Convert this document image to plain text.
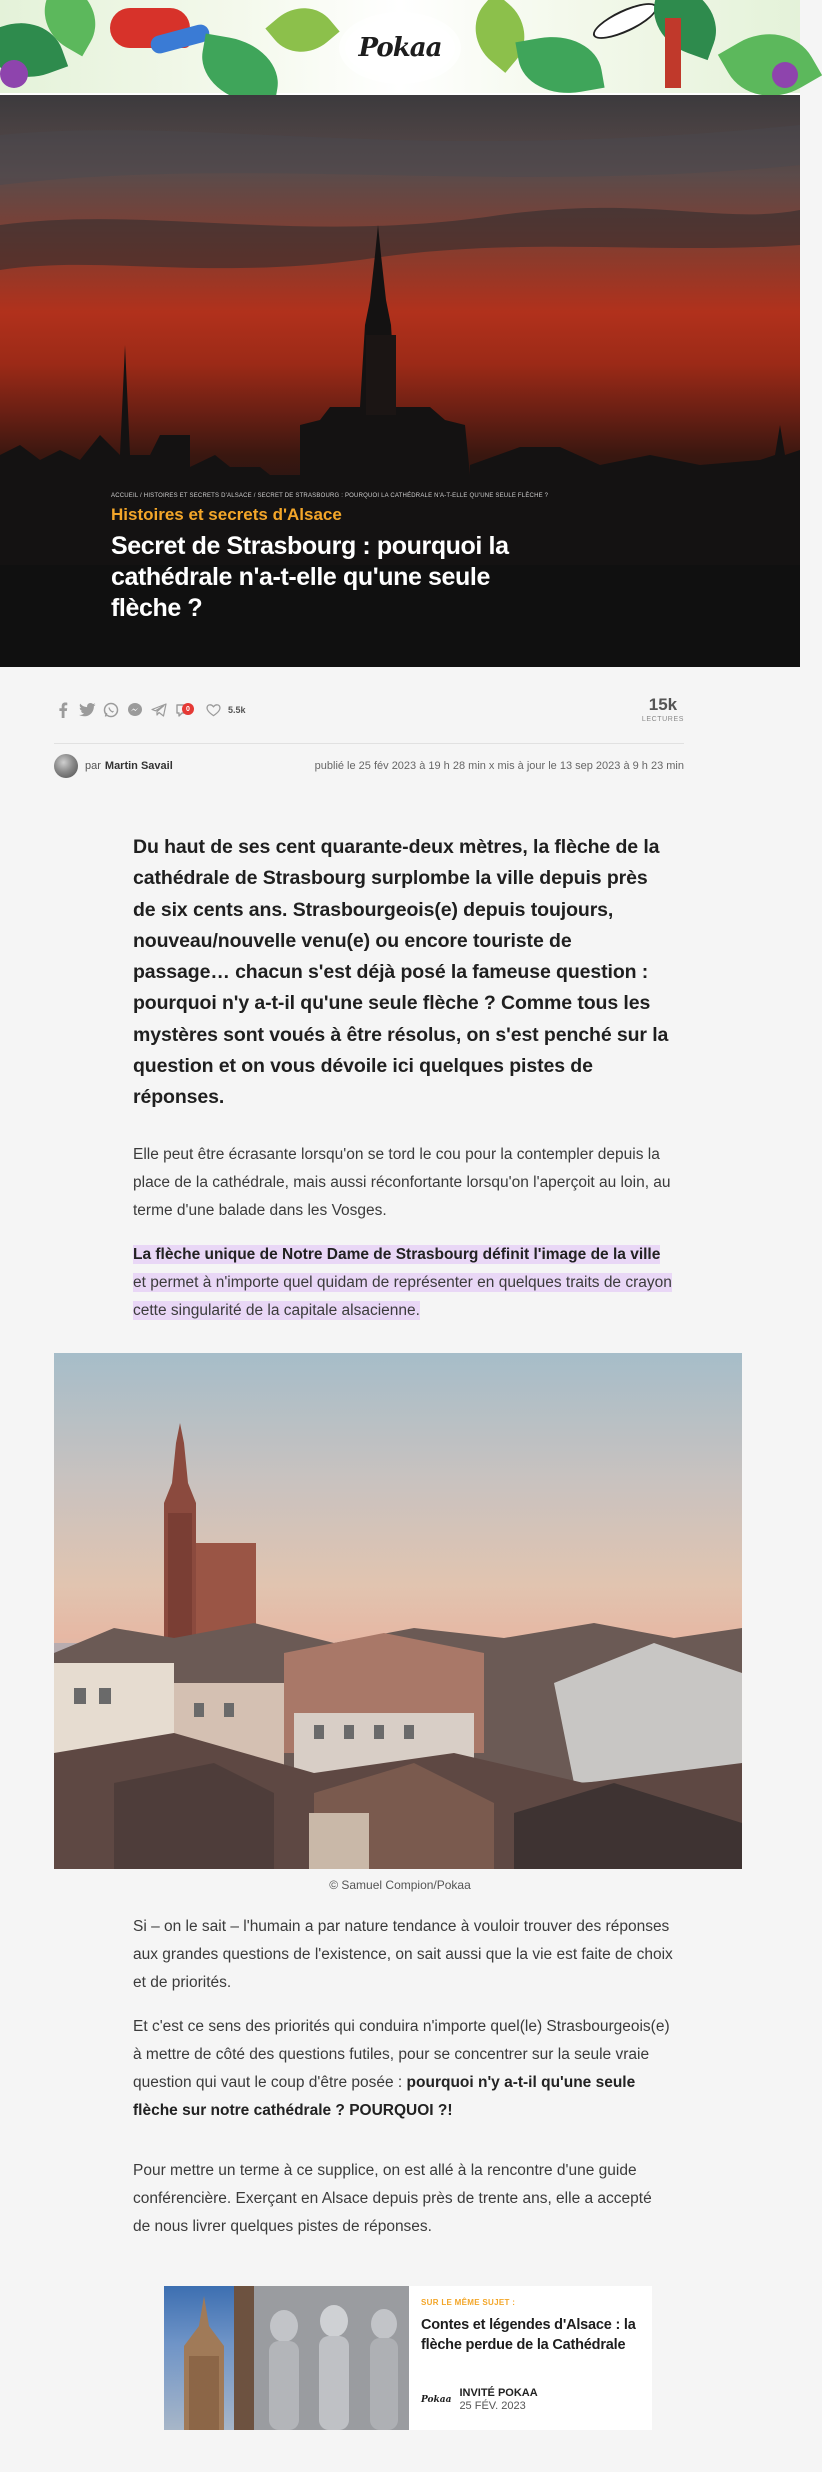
Pokaa
ACCUEIL / HISTOIRES ET SECRETS D'ALSACE / SECRET DE STRASBOURG : POURQUOI LA CATHÉDRALE N'A-T-ELLE QU'UNE SEULE FLÈCHE ?
Histoires et secrets d'Alsace
Secret de Strasbourg : pourquoi la cathédrale n'a-t-elle qu'une seule flèche ?
0	5.5k	15k
LECTURES
par Martin Savail	publié le 25 fév 2023 à 19 h 28 min x mis à jour le 13 sep 2023 à 9 h 23 min

Du haut de ses cent quarante-deux mètres, la flèche de la cathédrale de Strasbourg surplombe la ville depuis près de six cents ans. Strasbourgeois(e) depuis toujours, nouveau/nouvelle venu(e) ou encore touriste de passage… chacun s'est déjà posé la fameuse question : pourquoi n'y a-t-il qu'une seule flèche ? Comme tous les mystères sont voués à être résolus, on s'est penché sur la question et on vous dévoile ici quelques pistes de réponses.

Elle peut être écrasante lorsqu'on se tord le cou pour la contempler depuis la place de la cathédrale, mais aussi réconfortante lorsqu'on l'aperçoit au loin, au terme d'une balade dans les Vosges.

La flèche unique de Notre Dame de Strasbourg définit l'image de la ville et permet à n'importe quel quidam de représenter en quelques traits de crayon cette singularité de la capitale alsacienne.

© Samuel Compion/Pokaa

Si – on le sait – l'humain a par nature tendance à vouloir trouver des réponses aux grandes questions de l'existence, on sait aussi que la vie est faite de choix et de priorités.

Et c'est ce sens des priorités qui conduira n'importe quel(le) Strasbourgeois(e) à mettre de côté des questions futiles, pour se concentrer sur la seule vraie question qui vaut le coup d'être posée : pourquoi n'y a-t-il qu'une seule flèche sur notre cathédrale ? POURQUOI ?!

Pour mettre un terme à ce supplice, on est allé à la rencontre d'une guide conférencière. Exerçant en Alsace depuis près de trente ans, elle a accepté de nous livrer quelques pistes de réponses.

SUR LE MÊME SUJET :
Contes et légendes d'Alsace : la flèche perdue de la Cathédrale
Pokaa
INVITÉ POKAA
25 FÉV. 2023
